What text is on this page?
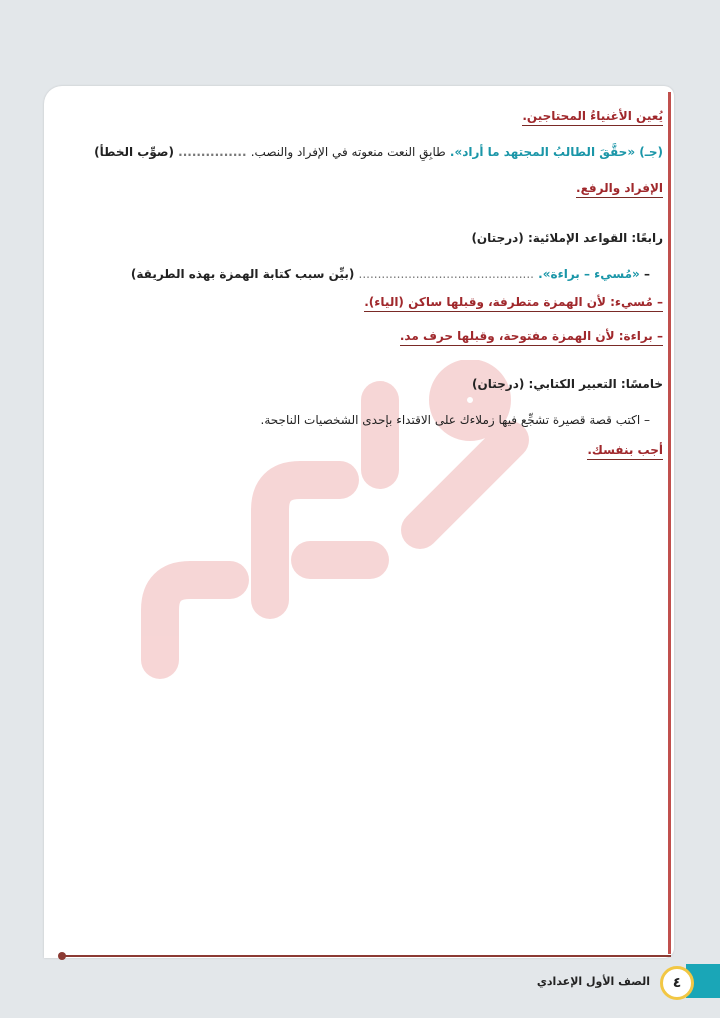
يُعين الأغنياءُ المحتاجين.
(جـ) «حقَّقَ الطالبُ المجتهد ما أراد». طابِقِ النعت منعوته في الإفراد والنصب. ............... (صوِّب الخطأ)
الإفراد والرفع.
رابعًا: القواعد الإملائية: (درجتان)
– «مُسيء – براءة». .............................................. (بيِّن سبب كتابة الهمزة بهذه الطريقة)
– مُسيء: لأن الهمزة متطرفة، وقبلها ساكن (الياء).
– براءة: لأن الهمزة مفتوحة، وقبلها حرف مد.
خامسًا: التعبير الكتابي: (درجتان)
– اكتب قصة قصيرة تشجِّع فيها زملاءك على الاقتداء بإحدى الشخصيات الناجحة.
أجب بنفسك.
٤
الصف الأول الإعدادي
